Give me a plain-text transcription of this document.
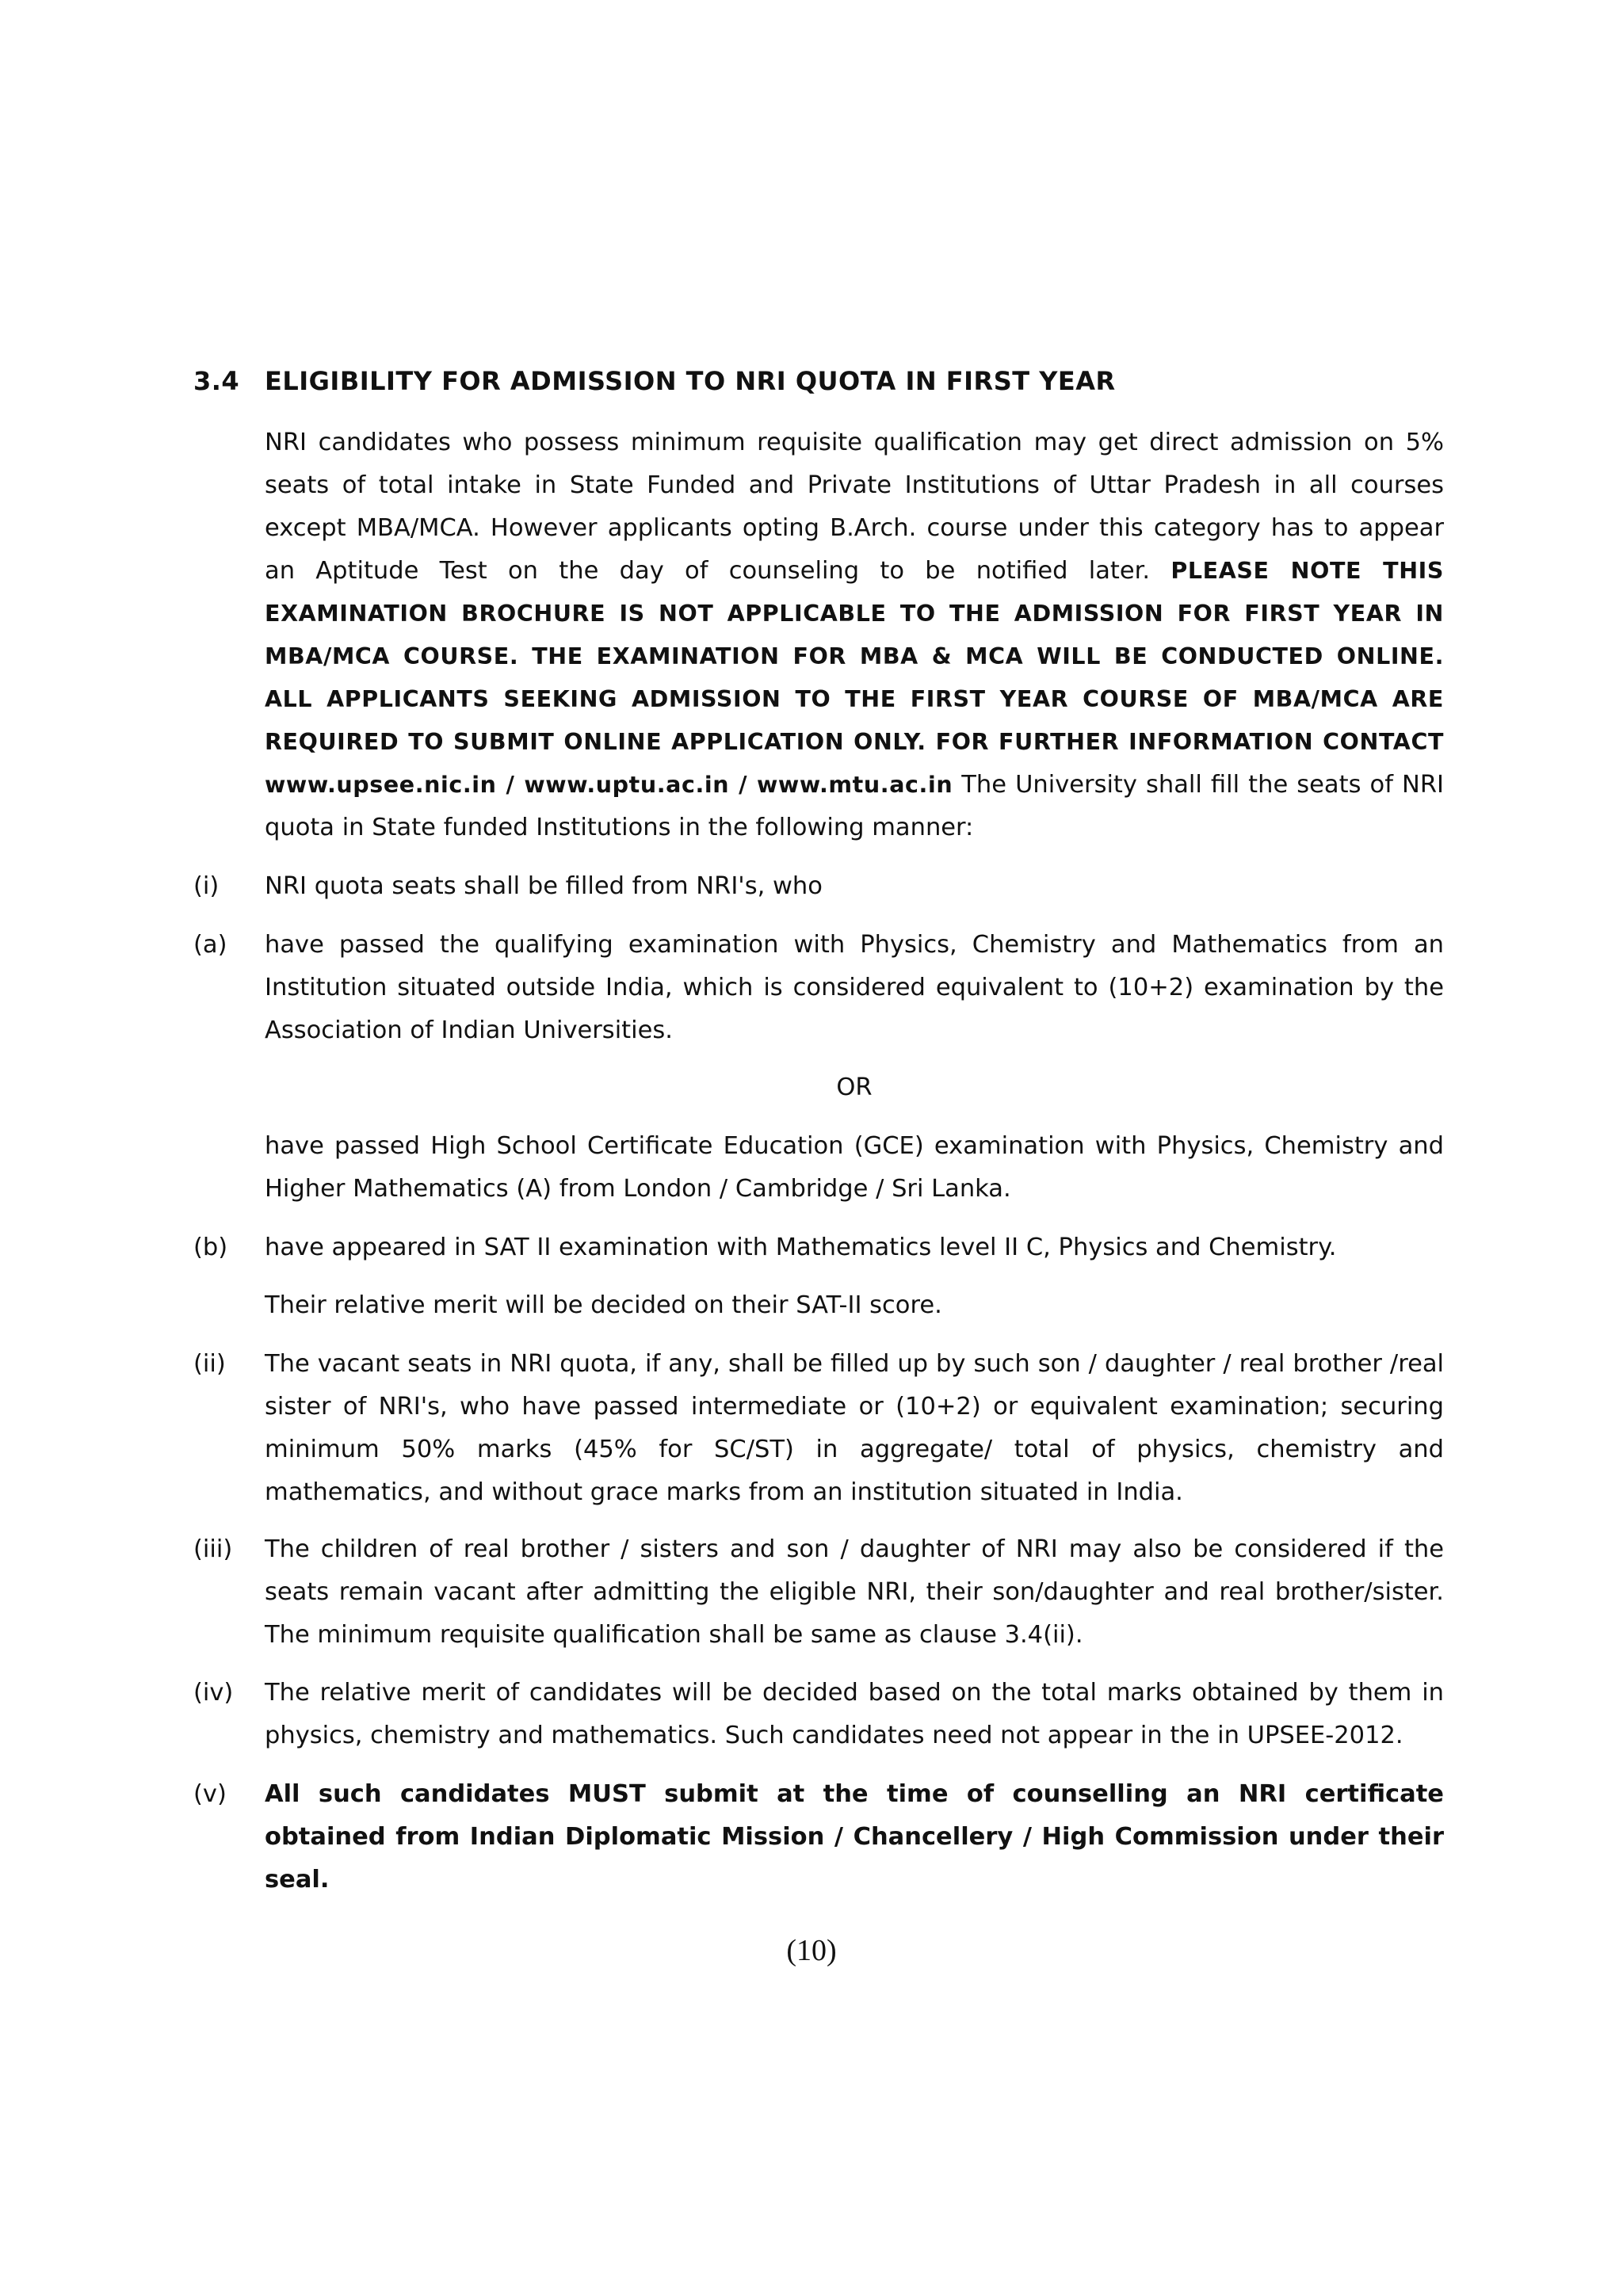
3.4 ELIGIBILITY FOR ADMISSION TO NRI QUOTA IN FIRST YEAR
NRI candidates who possess minimum requisite qualification may get direct admission on 5% seats of total intake in State Funded and Private Institutions of Uttar Pradesh in all courses except MBA/MCA. However applicants opting B.Arch. course under this category has to appear an Aptitude Test on the day of counseling to be notified later. PLEASE NOTE THIS EXAMINATION BROCHURE IS NOT APPLICABLE TO THE ADMISSION FOR FIRST YEAR IN MBA/MCA COURSE. THE EXAMINATION FOR MBA & MCA WILL BE CONDUCTED ONLINE. ALL APPLICANTS SEEKING ADMISSION TO THE FIRST YEAR COURSE OF MBA/MCA ARE REQUIRED TO SUBMIT ONLINE APPLICATION ONLY. FOR FURTHER INFORMATION CONTACT www.upsee.nic.in / www.uptu.ac.in / www.mtu.ac.in The University shall fill the seats of NRI quota in State funded Institutions in the following manner:
(i) NRI quota seats shall be filled from NRI's, who
(a) have passed the qualifying examination with Physics, Chemistry and Mathematics from an Institution situated outside India, which is considered equivalent to (10+2) examination by the Association of Indian Universities.
OR
have passed High School Certificate Education (GCE) examination with Physics, Chemistry and Higher Mathematics (A) from London / Cambridge / Sri Lanka.
(b) have appeared in SAT II examination with Mathematics level II C, Physics and Chemistry.
Their relative merit will be decided on their SAT-II score.
(ii) The vacant seats in NRI quota, if any, shall be filled up by such son / daughter / real brother /real sister of NRI's, who have passed intermediate or (10+2) or equivalent examination; securing minimum 50% marks (45% for SC/ST) in aggregate/ total of physics, chemistry and mathematics, and without grace marks from an institution situated in India.
(iii) The children of real brother / sisters and son / daughter of NRI may also be considered if the seats remain vacant after admitting the eligible NRI, their son/daughter and real brother/sister. The minimum requisite qualification shall be same as clause 3.4(ii).
(iv) The relative merit of candidates will be decided based on the total marks obtained by them in physics, chemistry and mathematics. Such candidates need not appear in the in UPSEE-2012.
(v) All such candidates MUST submit at the time of counselling an NRI certificate obtained from Indian Diplomatic Mission / Chancellery / High Commission under their seal.
(10)
